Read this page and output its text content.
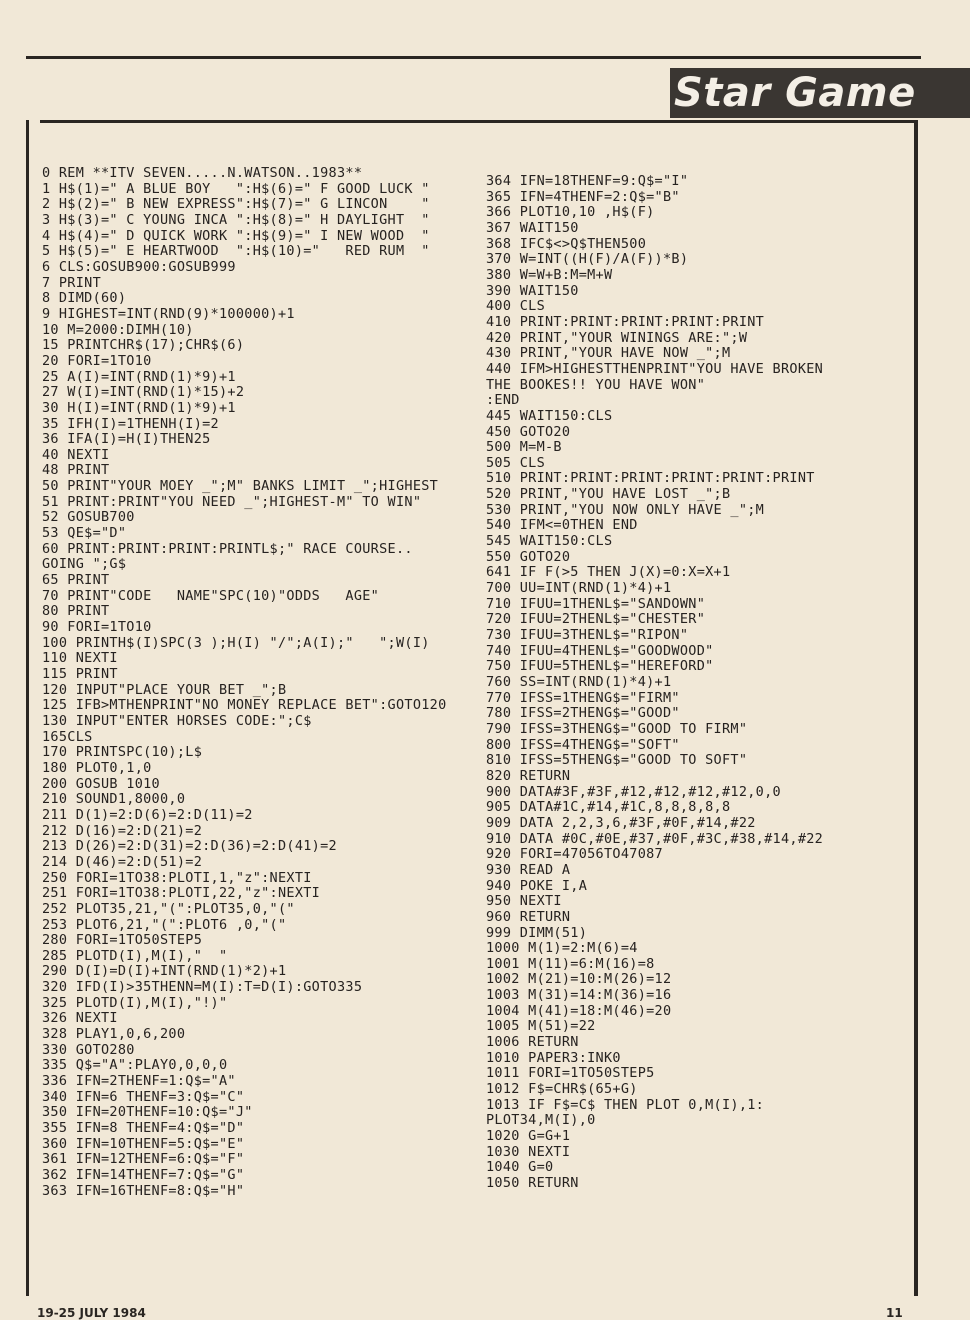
Star Game
0 REM **ITV SEVEN.....N.WATSON..1983**
1 H$(1)=" A BLUE BOY   ":H$(6)=" F GOOD LUCK "
2 H$(2)=" B NEW EXPRESS":H$(7)=" G LINCON    "
3 H$(3)=" C YOUNG INCA ":H$(8)=" H DAYLIGHT  "
4 H$(4)=" D QUICK WORK ":H$(9)=" I NEW WOOD  "
5 H$(5)=" E HEARTWOOD  ":H$(10)="   RED RUM  "
6 CLS:GOSUB900:GOSUB999
7 PRINT
8 DIMD(60)
9 HIGHEST=INT(RND(9)*100000)+1
10 M=2000:DIMH(10)
15 PRINTCHR$(17);CHR$(6)
20 FORI=1TO10
25 A(I)=INT(RND(1)*9)+1
27 W(I)=INT(RND(1)*15)+2
30 H(I)=INT(RND(1)*9)+1
35 IFH(I)=1THENH(I)=2
36 IFA(I)=H(I)THEN25
40 NEXTI
48 PRINT
50 PRINT"YOUR MOEY _";M" BANKS LIMIT _";HIGHEST
51 PRINT:PRINT"YOU NEED _";HIGHEST-M" TO WIN"
52 GOSUB700
53 QE$="D"
60 PRINT:PRINT:PRINT:PRINTL$;" RACE COURSE..
GOING ";G$
65 PRINT
70 PRINT"CODE   NAME"SPC(10)"ODDS   AGE"
80 PRINT
90 FORI=1TO10
100 PRINTH$(I)SPC(3 );H(I) "/";A(I);"   ";W(I)
110 NEXTI
115 PRINT
120 INPUT"PLACE YOUR BET _";B
125 IFB>MTHENPRINT"NO MONEY REPLACE BET":GOTO120
130 INPUT"ENTER HORSES CODE:";C$
165CLS
170 PRINTSPC(10);L$
180 PLOT0,1,0
200 GOSUB 1010
210 SOUND1,8000,0
211 D(1)=2:D(6)=2:D(11)=2
212 D(16)=2:D(21)=2
213 D(26)=2:D(31)=2:D(36)=2:D(41)=2
214 D(46)=2:D(51)=2
250 FORI=1TO38:PLOTI,1,"z":NEXTI
251 FORI=1TO38:PLOTI,22,"z":NEXTI
252 PLOT35,21,"(":PLOT35,0,"("
253 PLOT6,21,"(":PLOT6 ,0,"("
280 FORI=1TO50STEP5
285 PLOTD(I),M(I),"  "
290 D(I)=D(I)+INT(RND(1)*2)+1
320 IFD(I)>35THENN=M(I):T=D(I):GOTO335
325 PLOTD(I),M(I),"!)"
326 NEXTI
328 PLAY1,0,6,200
330 GOTO280
335 Q$="A":PLAY0,0,0,0
336 IFN=2THENF=1:Q$="A"
340 IFN=6 THENF=3:Q$="C"
350 IFN=20THENF=10:Q$="J"
355 IFN=8 THENF=4:Q$="D"
360 IFN=10THENF=5:Q$="E"
361 IFN=12THENF=6:Q$="F"
362 IFN=14THENF=7:Q$="G"
363 IFN=16THENF=8:Q$="H"
364 IFN=18THENF=9:Q$="I"
365 IFN=4THENF=2:Q$="B"
366 PLOT10,10 ,H$(F)
367 WAIT150
368 IFC$<>Q$THEN500
370 W=INT((H(F)/A(F))*B)
380 W=W+B:M=M+W
390 WAIT150
400 CLS
410 PRINT:PRINT:PRINT:PRINT:PRINT
420 PRINT,"YOUR WININGS ARE:";W
430 PRINT,"YOUR HAVE NOW _";M
440 IFM>HIGHESTTHENPRINT"YOU HAVE BROKEN
THE BOOKES!! YOU HAVE WON"
:END
445 WAIT150:CLS
450 GOTO20
500 M=M-B
505 CLS
510 PRINT:PRINT:PRINT:PRINT:PRINT:PRINT
520 PRINT,"YOU HAVE LOST _";B
530 PRINT,"YOU NOW ONLY HAVE _";M
540 IFM<=0THEN END
545 WAIT150:CLS
550 GOTO20
641 IF F(>5 THEN J(X)=0:X=X+1
700 UU=INT(RND(1)*4)+1
710 IFUU=1THENL$="SANDOWN"
720 IFUU=2THENL$="CHESTER"
730 IFUU=3THENL$="RIPON"
740 IFUU=4THENL$="GOODWOOD"
750 IFUU=5THENL$="HEREFORD"
760 SS=INT(RND(1)*4)+1
770 IFSS=1THENG$="FIRM"
780 IFSS=2THENG$="GOOD"
790 IFSS=3THENG$="GOOD TO FIRM"
800 IFSS=4THENG$="SOFT"
810 IFSS=5THENG$="GOOD TO SOFT"
820 RETURN
900 DATA#3F,#3F,#12,#12,#12,#12,0,0
905 DATA#1C,#14,#1C,8,8,8,8,8
909 DATA 2,2,3,6,#3F,#0F,#14,#22
910 DATA #0C,#0E,#37,#0F,#3C,#38,#14,#22
920 FORI=47056TO47087
930 READ A
940 POKE I,A
950 NEXTI
960 RETURN
999 DIMM(51)
1000 M(1)=2:M(6)=4
1001 M(11)=6:M(16)=8
1002 M(21)=10:M(26)=12
1003 M(31)=14:M(36)=16
1004 M(41)=18:M(46)=20
1005 M(51)=22
1006 RETURN
1010 PAPER3:INK0
1011 FORI=1TO50STEP5
1012 F$=CHR$(65+G)
1013 IF F$=C$ THEN PLOT 0,M(I),1:
PLOT34,M(I),0
1020 G=G+1
1030 NEXTI
1040 G=0
1050 RETURN
19-25 JULY 1984	11
